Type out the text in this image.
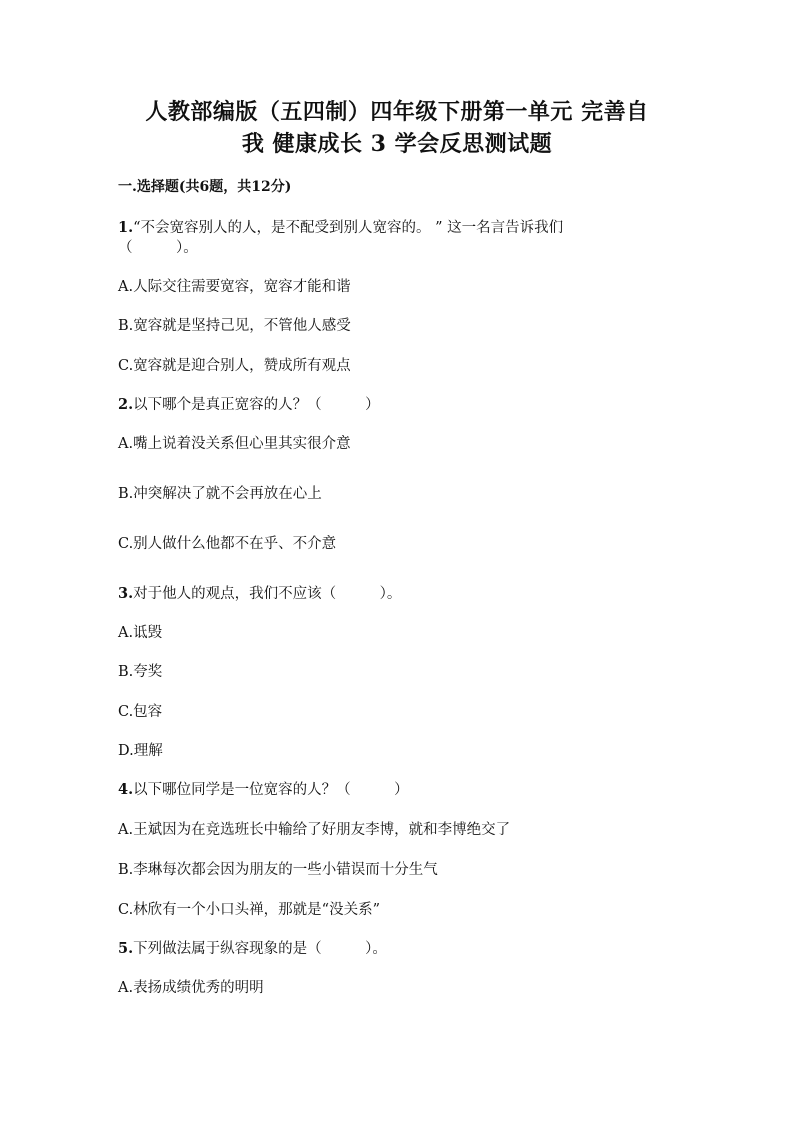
人教部编版（五四制）四年级下册第一单元 完善自
我 健康成长 3 学会反思测试题
一.选择题(共6题，共12分)
1.“不会宽容别人的人，是不配受到别人宽容的。 ” 这一名言告诉我们
（　　　）。
A.人际交往需要宽容，宽容才能和谐
B.宽容就是坚持己见，不管他人感受
C.宽容就是迎合别人，赞成所有观点
2.以下哪个是真正宽容的人？（　　　）
A.嘴上说着没关系但心里其实很介意
B.冲突解决了就不会再放在心上
C.别人做什么他都不在乎、不介意
3.对于他人的观点，我们不应该（　　　）。
A.诋毁
B.夸奖
C.包容
D.理解
4.以下哪位同学是一位宽容的人？（　　　）
A.王斌因为在竞选班长中输给了好朋友李博，就和李博绝交了
B.李琳每次都会因为朋友的一些小错误而十分生气
C.林欣有一个小口头禅，那就是“没关系”
5.下列做法属于纵容现象的是（　　　）。
A.表扬成绩优秀的明明
